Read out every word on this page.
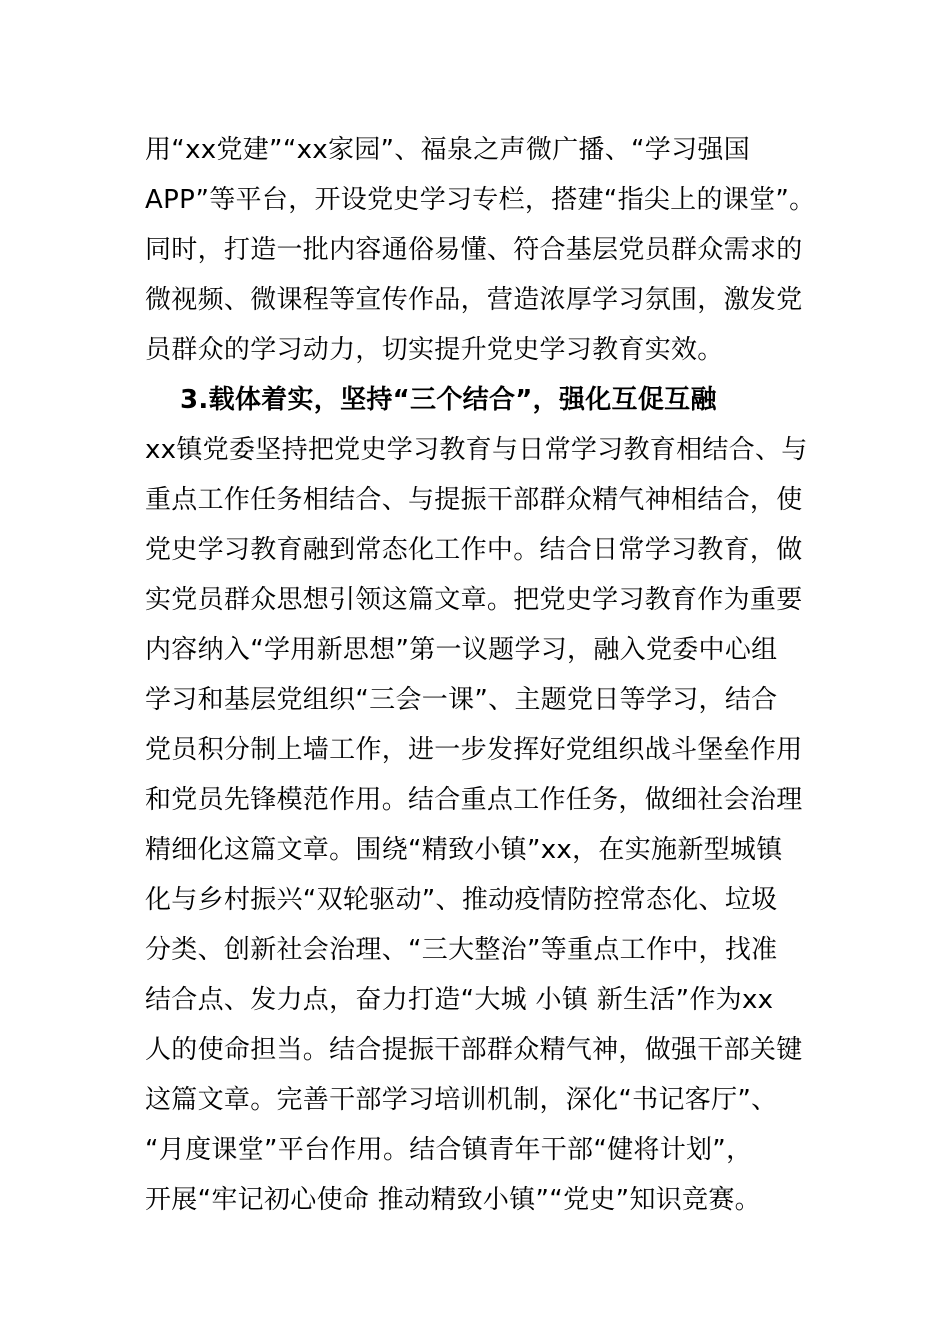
用“xx党建”“xx家园”、福泉之声微广播、“学习强国
APP”等平台，开设党史学习专栏，搭建“指尖上的课堂”。
同时，打造一批内容通俗易懂、符合基层党员群众需求的
微视频、微课程等宣传作品，营造浓厚学习氛围，激发党
员群众的学习动力，切实提升党史学习教育实效。
3.载体着实，坚持“三个结合”，强化互促互融
xx镇党委坚持把党史学习教育与日常学习教育相结合、与
重点工作任务相结合、与提振干部群众精气神相结合，使
党史学习教育融到常态化工作中。结合日常学习教育，做
实党员群众思想引领这篇文章。把党史学习教育作为重要
内容纳入“学用新思想”第一议题学习，融入党委中心组
学习和基层党组织“三会一课”、主题党日等学习，结合
党员积分制上墙工作，进一步发挥好党组织战斗堡垒作用
和党员先锋模范作用。结合重点工作任务，做细社会治理
精细化这篇文章。围绕“精致小镇”xx，在实施新型城镇
化与乡村振兴“双轮驱动”、推动疫情防控常态化、垃圾
分类、创新社会治理、“三大整治”等重点工作中，找准
结合点、发力点，奋力打造“大城 小镇 新生活”作为xx
人的使命担当。结合提振干部群众精气神，做强干部关键
这篇文章。完善干部学习培训机制，深化“书记客厅”、
“月度课堂”平台作用。结合镇青年干部“健将计划”，
开展“牢记初心使命 推动精致小镇”“党史”知识竞赛。
